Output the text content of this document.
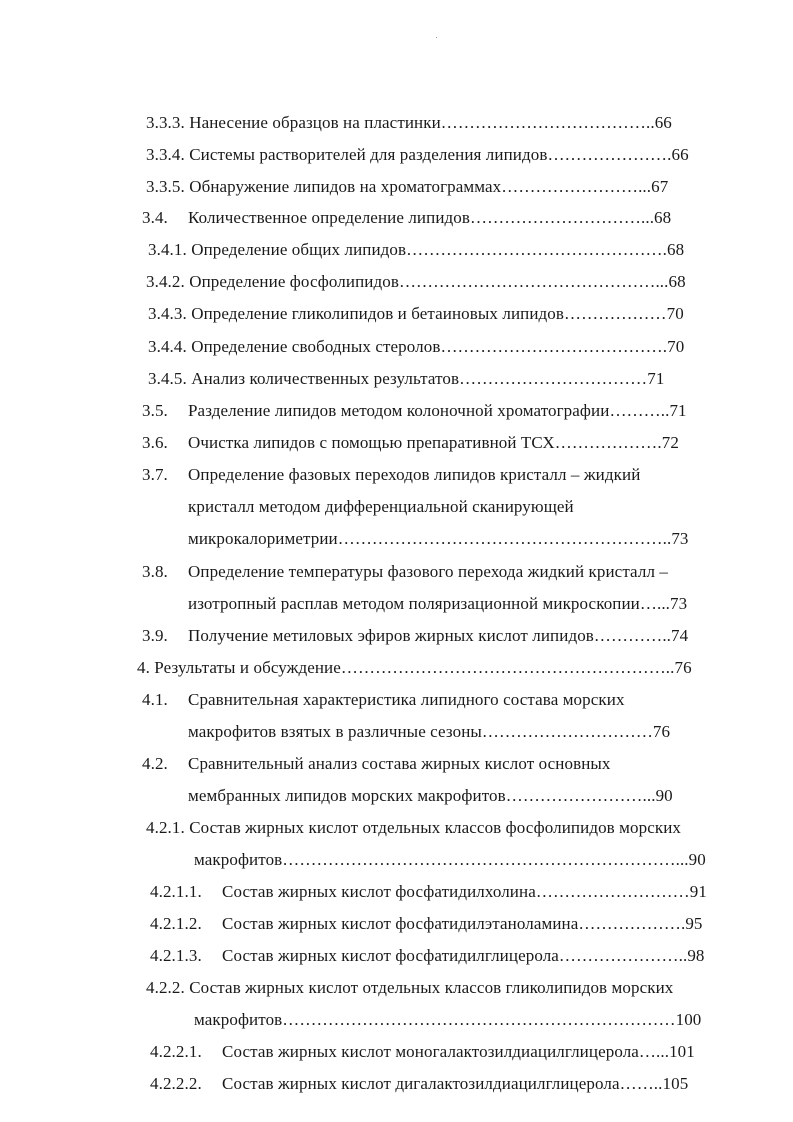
3.3.3. Нанесение образцов на пластинки………………………………..66
3.3.4. Системы растворителей для разделения липидов………………….66
3.3.5. Обнаружение липидов на хроматограммах……………………...67
3.4. Количественное определение липидов…………………………...68
3.4.1. Определение общих липидов……………………………………….68
3.4.2. Определение фосфолипидов………………………………………...68
3.4.3. Определение гликолипидов и бетаиновых липидов………………70
3.4.4. Определение свободных стеролов………………………………….70
3.4.5. Анализ количественных результатов……………………………71
3.5. Разделение липидов методом колоночной хроматографии………..71
3.6. Очистка липидов с помощью препаративной ТСХ……………….72
3.7. Определение фазовых переходов липидов кристалл – жидкий
кристалл методом дифференциальной сканирующей
микрокалориметрии…………………………………………………..73
3.8. Определение температуры фазового перехода жидкий кристалл –
изотропный расплав методом поляризационной микроскопии…...73
3.9. Получение метиловых эфиров жирных кислот липидов…………..74
4. Результаты и обсуждение…………………………………………………..76
4.1. Сравнительная характеристика липидного состава морских
макрофитов взятых в различные сезоны…………………………76
4.2. Сравнительный анализ состава жирных кислот основных
мембранных липидов морских макрофитов……………………...90
4.2.1. Состав жирных кислот отдельных классов фосфолипидов морских
макрофитов……………………………………………………………...90
4.2.1.1. Состав жирных кислот фосфатидилхолина………………………91
4.2.1.2. Состав жирных кислот фосфатидилэтаноламина……………….95
4.2.1.3. Состав жирных кислот фосфатидилглицерола…………………..98
4.2.2. Состав жирных кислот отдельных классов гликолипидов морских
макрофитов……………………………………………………………100
4.2.2.1. Состав жирных кислот моногалактозилдиацилглицерола…...101
4.2.2.2. Состав жирных кислот дигалактозилдиацилглицерола……..105
